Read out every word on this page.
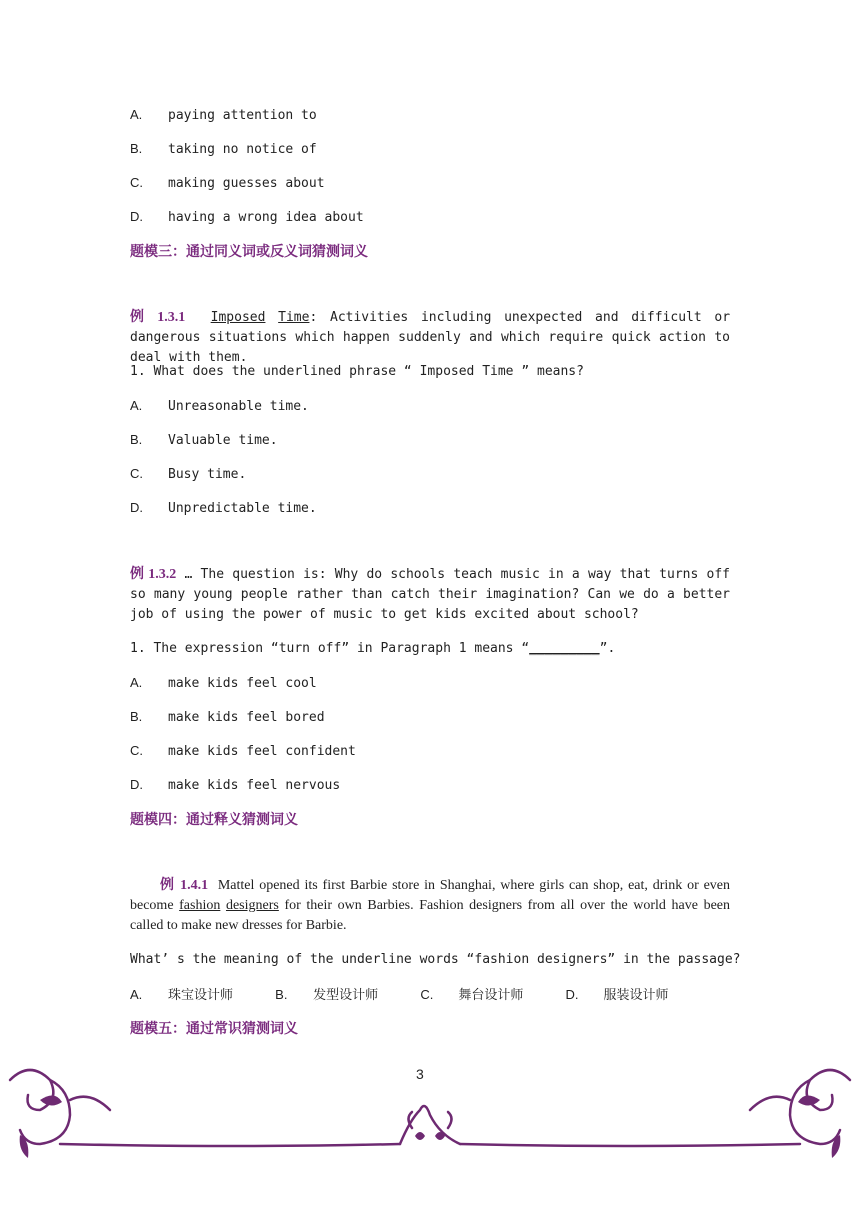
A. paying attention to
B. taking no notice of
C. making guesses about
D. having a wrong idea about
题模三：通过同义词或反义词猜测词义
例 1.3.1 Imposed Time: Activities including unexpected and difficult or dangerous situations which happen suddenly and which require quick action to deal with them.
1. What does the underlined phrase “ Imposed Time ” means?
A. Unreasonable time.
B. Valuable time.
C. Busy time.
D. Unpredictable time.
例 1.3.2 … The question is: Why do schools teach music in a way that turns off so many young people rather than catch their imagination? Can we do a better job of using the power of music to get kids excited about school?
1. The expression “turn off” in Paragraph 1 means “_________”.
A. make kids feel cool
B. make kids feel bored
C. make kids feel confident
D. make kids feel nervous
题模四：通过释义猜测词义
例 1.4.1 Mattel opened its first Barbie store in Shanghai, where girls can shop, eat, drink or even become fashion designers for their own Barbies. Fashion designers from all over the world have been called to make new dresses for Barbie.
What’ s the meaning of the underline words “fashion designers” in the passage?
A. 珠宝设计师	B. 发型设计师	C. 舞台设计师	D. 服装设计师
题模五：通过常识猜测词义
3
